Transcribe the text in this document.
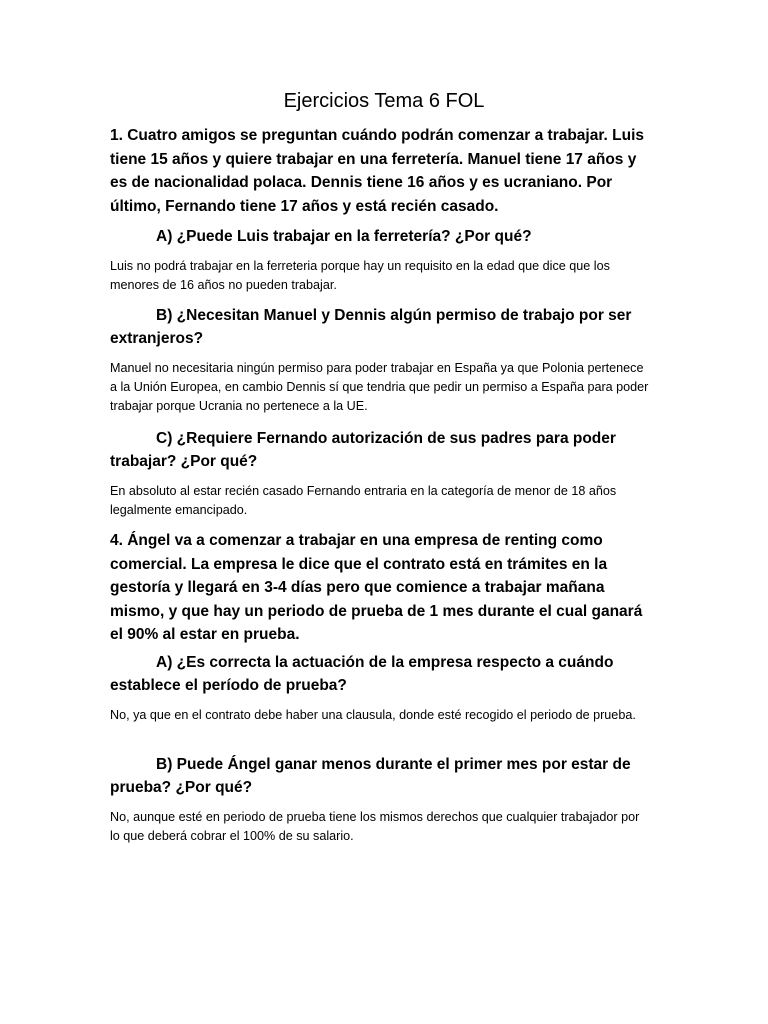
Ejercicios Tema 6 FOL

1. Cuatro amigos se preguntan cuándo podrán comenzar a trabajar. Luis tiene 15 años y quiere trabajar en una ferretería. Manuel tiene 17 años y es de nacionalidad polaca. Dennis tiene 16 años y es ucraniano. Por último, Fernando tiene 17 años y está recién casado.

A) ¿Puede Luis trabajar en la ferretería? ¿Por qué?

Luis no podrá trabajar en la ferreteria porque hay un requisito en la edad que dice que los menores de 16 años no pueden trabajar.

B) ¿Necesitan Manuel y Dennis algún permiso de trabajo por ser extranjeros?

Manuel no necesitaria ningún permiso para poder trabajar en España ya que Polonia pertenece a la Unión Europea, en cambio Dennis sí que tendria que pedir un permiso a España para poder trabajar porque Ucrania no pertenece a la UE.

C) ¿Requiere Fernando autorización de sus padres para poder trabajar? ¿Por qué?

En absoluto al estar recién casado Fernando entraria en la categoría de menor de 18 años legalmente emancipado.

4. Ángel va a comenzar a trabajar en una empresa de renting como comercial. La empresa le dice que el contrato está en trámites en la gestoría y llegará en 3-4 días pero que comience a trabajar mañana mismo, y que hay un periodo de prueba de 1 mes durante el cual ganará el 90% al estar en prueba.

A) ¿Es correcta la actuación de la empresa respecto a cuándo establece el período de prueba?

No, ya que en el contrato debe haber una clausula, donde esté recogido el periodo de prueba.

B) Puede Ángel ganar menos durante el primer mes por estar de prueba? ¿Por qué?

No, aunque esté en periodo de prueba tiene los mismos derechos que cualquier trabajador por lo que deberá cobrar el 100% de su salario.
